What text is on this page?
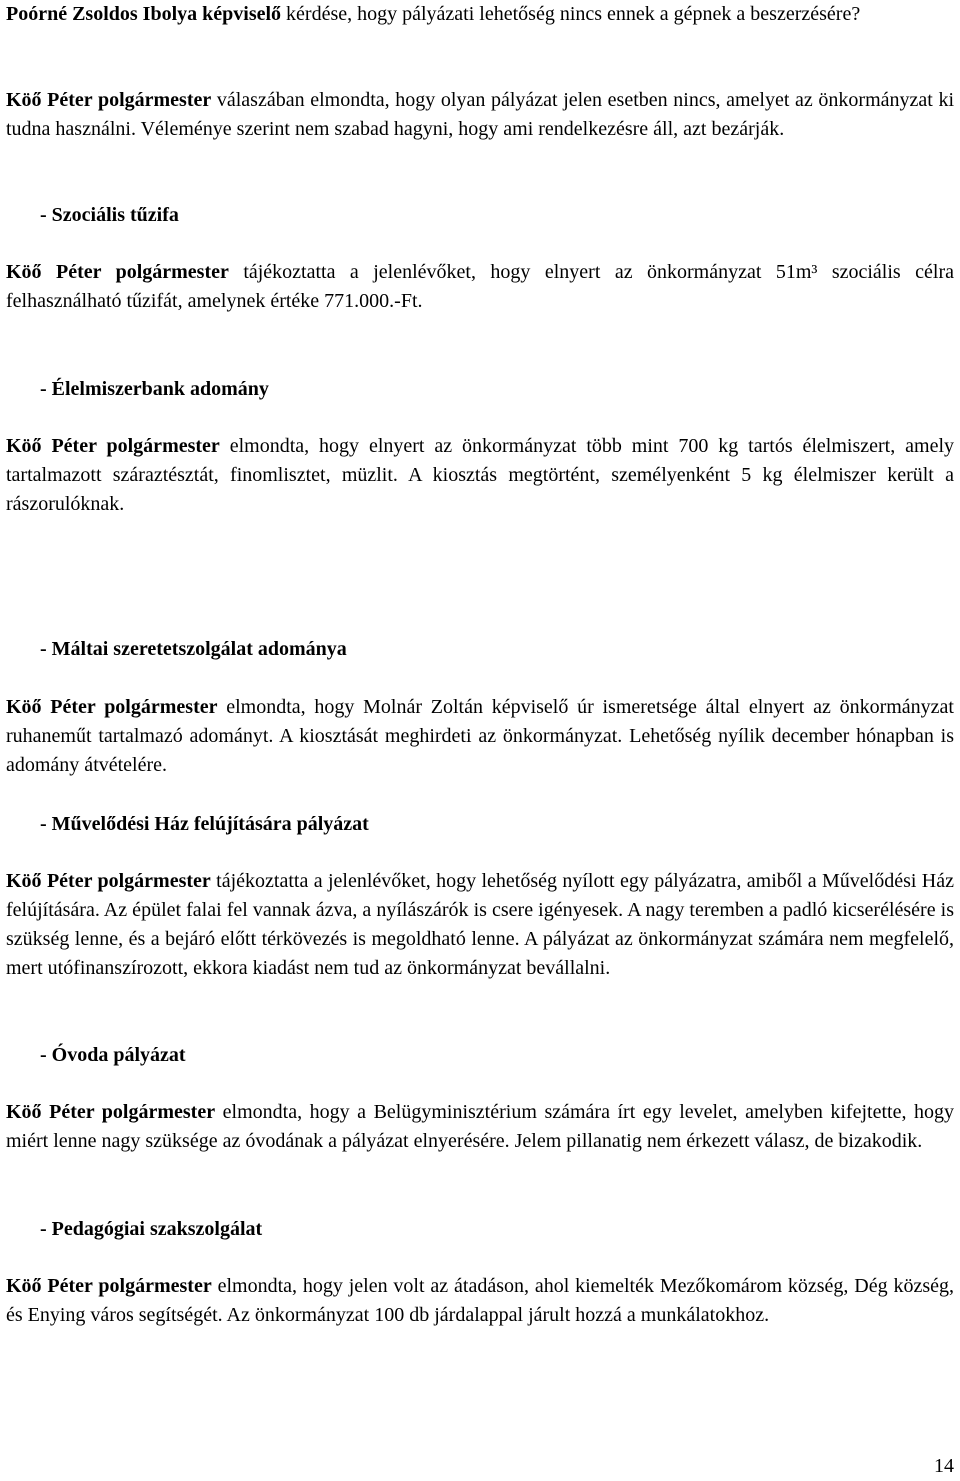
Poórné Zsoldos Ibolya képviselő kérdése, hogy pályázati lehetőség nincs ennek a gépnek a beszerzésére?

Köő Péter polgármester válaszában elmondta, hogy olyan pályázat jelen esetben nincs, amelyet az önkormányzat ki tudna használni. Véleménye szerint nem szabad hagyni, hogy ami rendelkezésre áll, azt bezárják.

- Szociális tűzifa

Köő Péter polgármester tájékoztatta a jelenlévőket, hogy elnyert az önkormányzat 51m³ szociális célra felhasználható tűzifát, amelynek értéke 771.000.-Ft.

- Élelmiszerbank adomány

Köő Péter polgármester elmondta, hogy elnyert az önkormányzat több mint 700 kg tartós élelmiszert, amely tartalmazott száraztésztát, finomlisztet, müzlit. A kiosztás megtörtént, személyenként 5 kg élelmiszer került a rászorulóknak.

- Máltai szeretetszolgálat adománya

Köő Péter polgármester elmondta, hogy Molnár Zoltán képviselő úr ismeretsége által elnyert az önkormányzat ruhaneműt tartalmazó adományt. A kiosztását meghirdeti az önkormányzat. Lehetőség nyílik december hónapban is adomány átvételére.

- Művelődési Ház felújítására pályázat

Köő Péter polgármester tájékoztatta a jelenlévőket, hogy lehetőség nyílott egy pályázatra, amiből a Művelődési Ház felújítására. Az épület falai fel vannak ázva, a nyílászárók is csere igényesek. A nagy teremben a padló kicserélésére is szükség lenne, és a bejáró előtt térkövezés is megoldható lenne. A pályázat az önkormányzat számára nem megfelelő, mert utófinanszírozott, ekkora kiadást nem tud az önkormányzat bevállalni.

- Óvoda pályázat

Köő Péter polgármester elmondta, hogy a Belügyminisztérium számára írt egy levelet, amelyben kifejtette, hogy miért lenne nagy szüksége az óvodának a pályázat elnyerésére. Jelem pillanatig nem érkezett válasz, de bizakodik.

- Pedagógiai szakszolgálat

Köő Péter polgármester elmondta, hogy jelen volt az átadáson, ahol kiemelték Mezőkomárom község, Dég község, és Enying város segítségét. Az önkormányzat 100 db járdalappal járult hozzá a munkálatokhoz.

14
